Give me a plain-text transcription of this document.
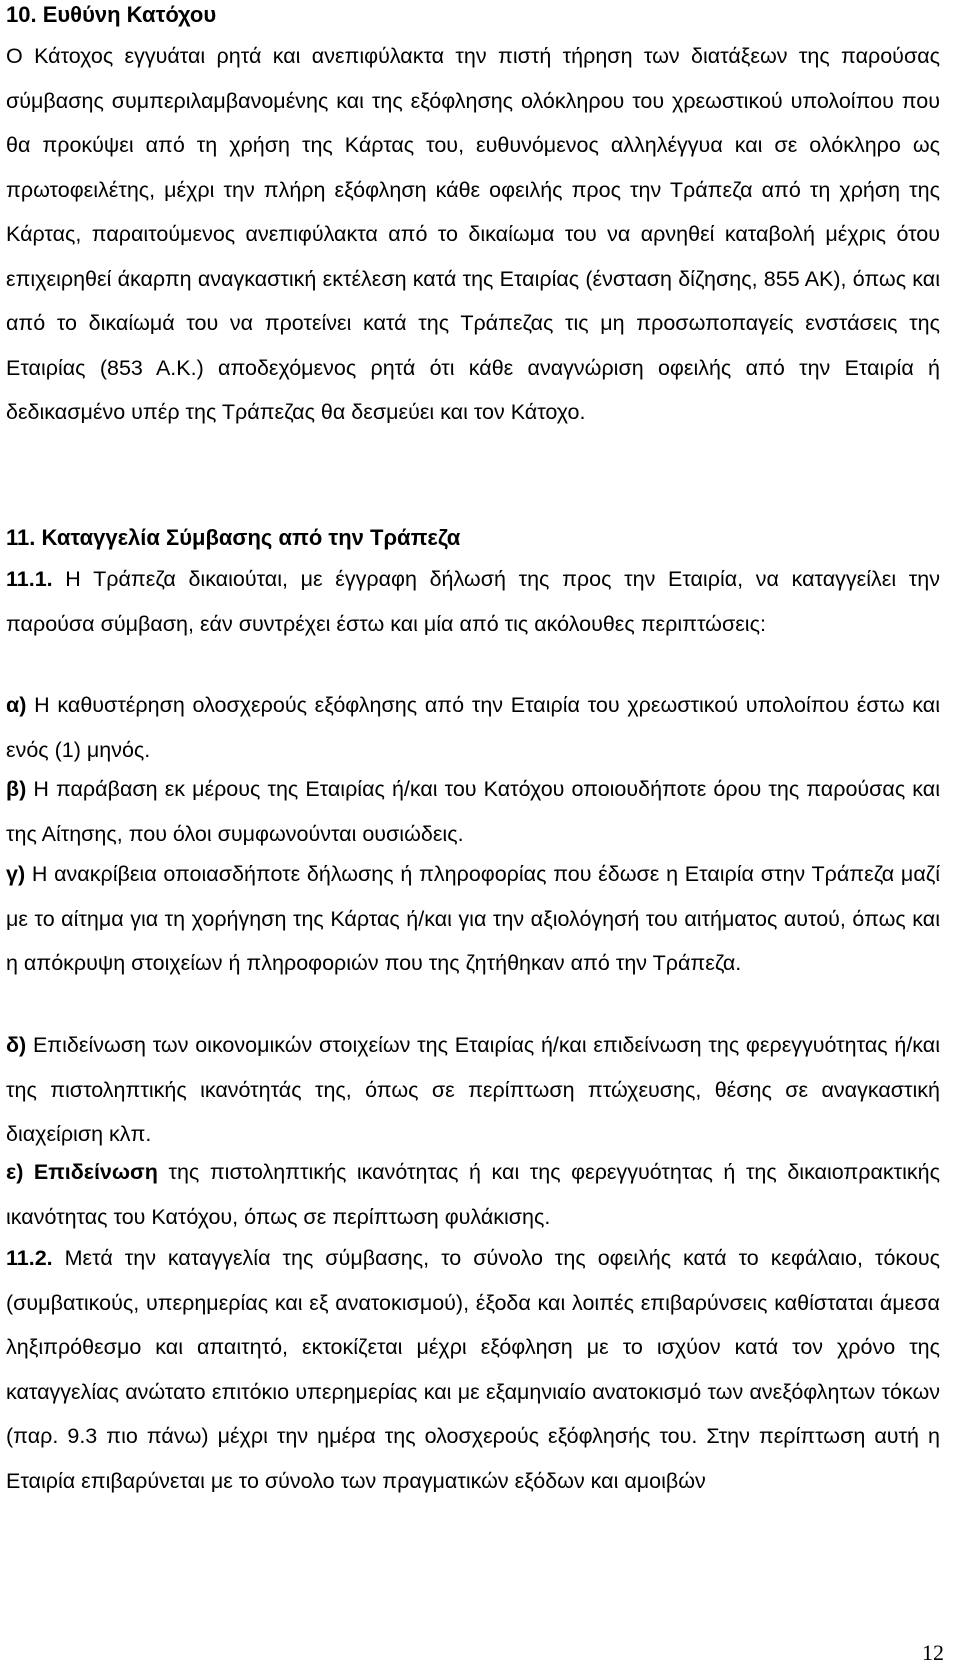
10. Ευθύνη Κατόχου
Ο Κάτοχος εγγυάται ρητά και ανεπιφύλακτα την πιστή τήρηση των διατάξεων της παρούσας σύμβασης συμπεριλαμβανομένης και της εξόφλησης ολόκληρου του χρεωστικού υπολοίπου που θα προκύψει από τη χρήση της Κάρτας του, ευθυνόμενος αλληλέγγυα και σε ολόκληρο ως πρωτοφειλέτης, μέχρι την πλήρη εξόφληση κάθε οφειλής προς την Τράπεζα από τη χρήση της Κάρτας, παραιτούμενος ανεπιφύλακτα από το δικαίωμα του να αρνηθεί καταβολή μέχρις ότου επιχειρηθεί άκαρπη αναγκαστική εκτέλεση κατά της Εταιρίας (ένσταση δίζησης, 855 ΑΚ), όπως και από το δικαίωμά του να προτείνει κατά της Τράπεζας τις μη προσωποπαγείς ενστάσεις της Εταιρίας (853 Α.Κ.) αποδεχόμενος ρητά ότι κάθε αναγνώριση οφειλής από την Εταιρία ή δεδικασμένο υπέρ της Τράπεζας θα δεσμεύει και τον Κάτοχο.
11. Καταγγελία Σύμβασης από την Τράπεζα
11.1. Η Τράπεζα δικαιούται, με έγγραφη δήλωσή της προς την Εταιρία, να καταγγείλει την παρούσα σύμβαση, εάν συντρέχει έστω και μία από τις ακόλουθες περιπτώσεις:
α) Η καθυστέρηση ολοσχερούς εξόφλησης από την Εταιρία του χρεωστικού υπολοίπου έστω και ενός (1) μηνός.
β) Η παράβαση εκ μέρους της Εταιρίας ή/και του Κατόχου οποιουδήποτε όρου της παρούσας και της Αίτησης, που όλοι συμφωνούνται ουσιώδεις.
γ) Η ανακρίβεια οποιασδήποτε δήλωσης ή πληροφορίας που έδωσε η Εταιρία στην Τράπεζα μαζί με το αίτημα για τη χορήγηση της Κάρτας ή/και για την αξιολόγησή του αιτήματος αυτού, όπως και η απόκρυψη στοιχείων ή πληροφοριών που της ζητήθηκαν από την Τράπεζα.
δ) Επιδείνωση των οικονομικών στοιχείων της Εταιρίας ή/και επιδείνωση της φερεγγυότητας ή/και της πιστοληπτικής ικανότητάς της, όπως σε περίπτωση πτώχευσης, θέσης σε αναγκαστική διαχείριση κλπ.
ε) Επιδείνωση της πιστοληπτικής ικανότητας ή και της φερεγγυότητας ή της δικαιοπρακτικής ικανότητας του Κατόχου, όπως σε περίπτωση φυλάκισης.
11.2. Μετά την καταγγελία της σύμβασης, το σύνολο της οφειλής κατά το κεφάλαιο, τόκους (συμβατικούς, υπερημερίας και εξ ανατοκισμού), έξοδα και λοιπές επιβαρύνσεις καθίσταται άμεσα ληξιπρόθεσμο και απαιτητό, εκτοκίζεται μέχρι εξόφληση με το ισχύον κατά τον χρόνο της καταγγελίας ανώτατο επιτόκιο υπερημερίας και με εξαμηνιαίο ανατοκισμό των ανεξόφλητων τόκων (παρ. 9.3 πιο πάνω) μέχρι την ημέρα της ολοσχερούς εξόφλησής του. Στην περίπτωση αυτή η Εταιρία επιβαρύνεται με το σύνολο των πραγματικών εξόδων και αμοιβών
12
